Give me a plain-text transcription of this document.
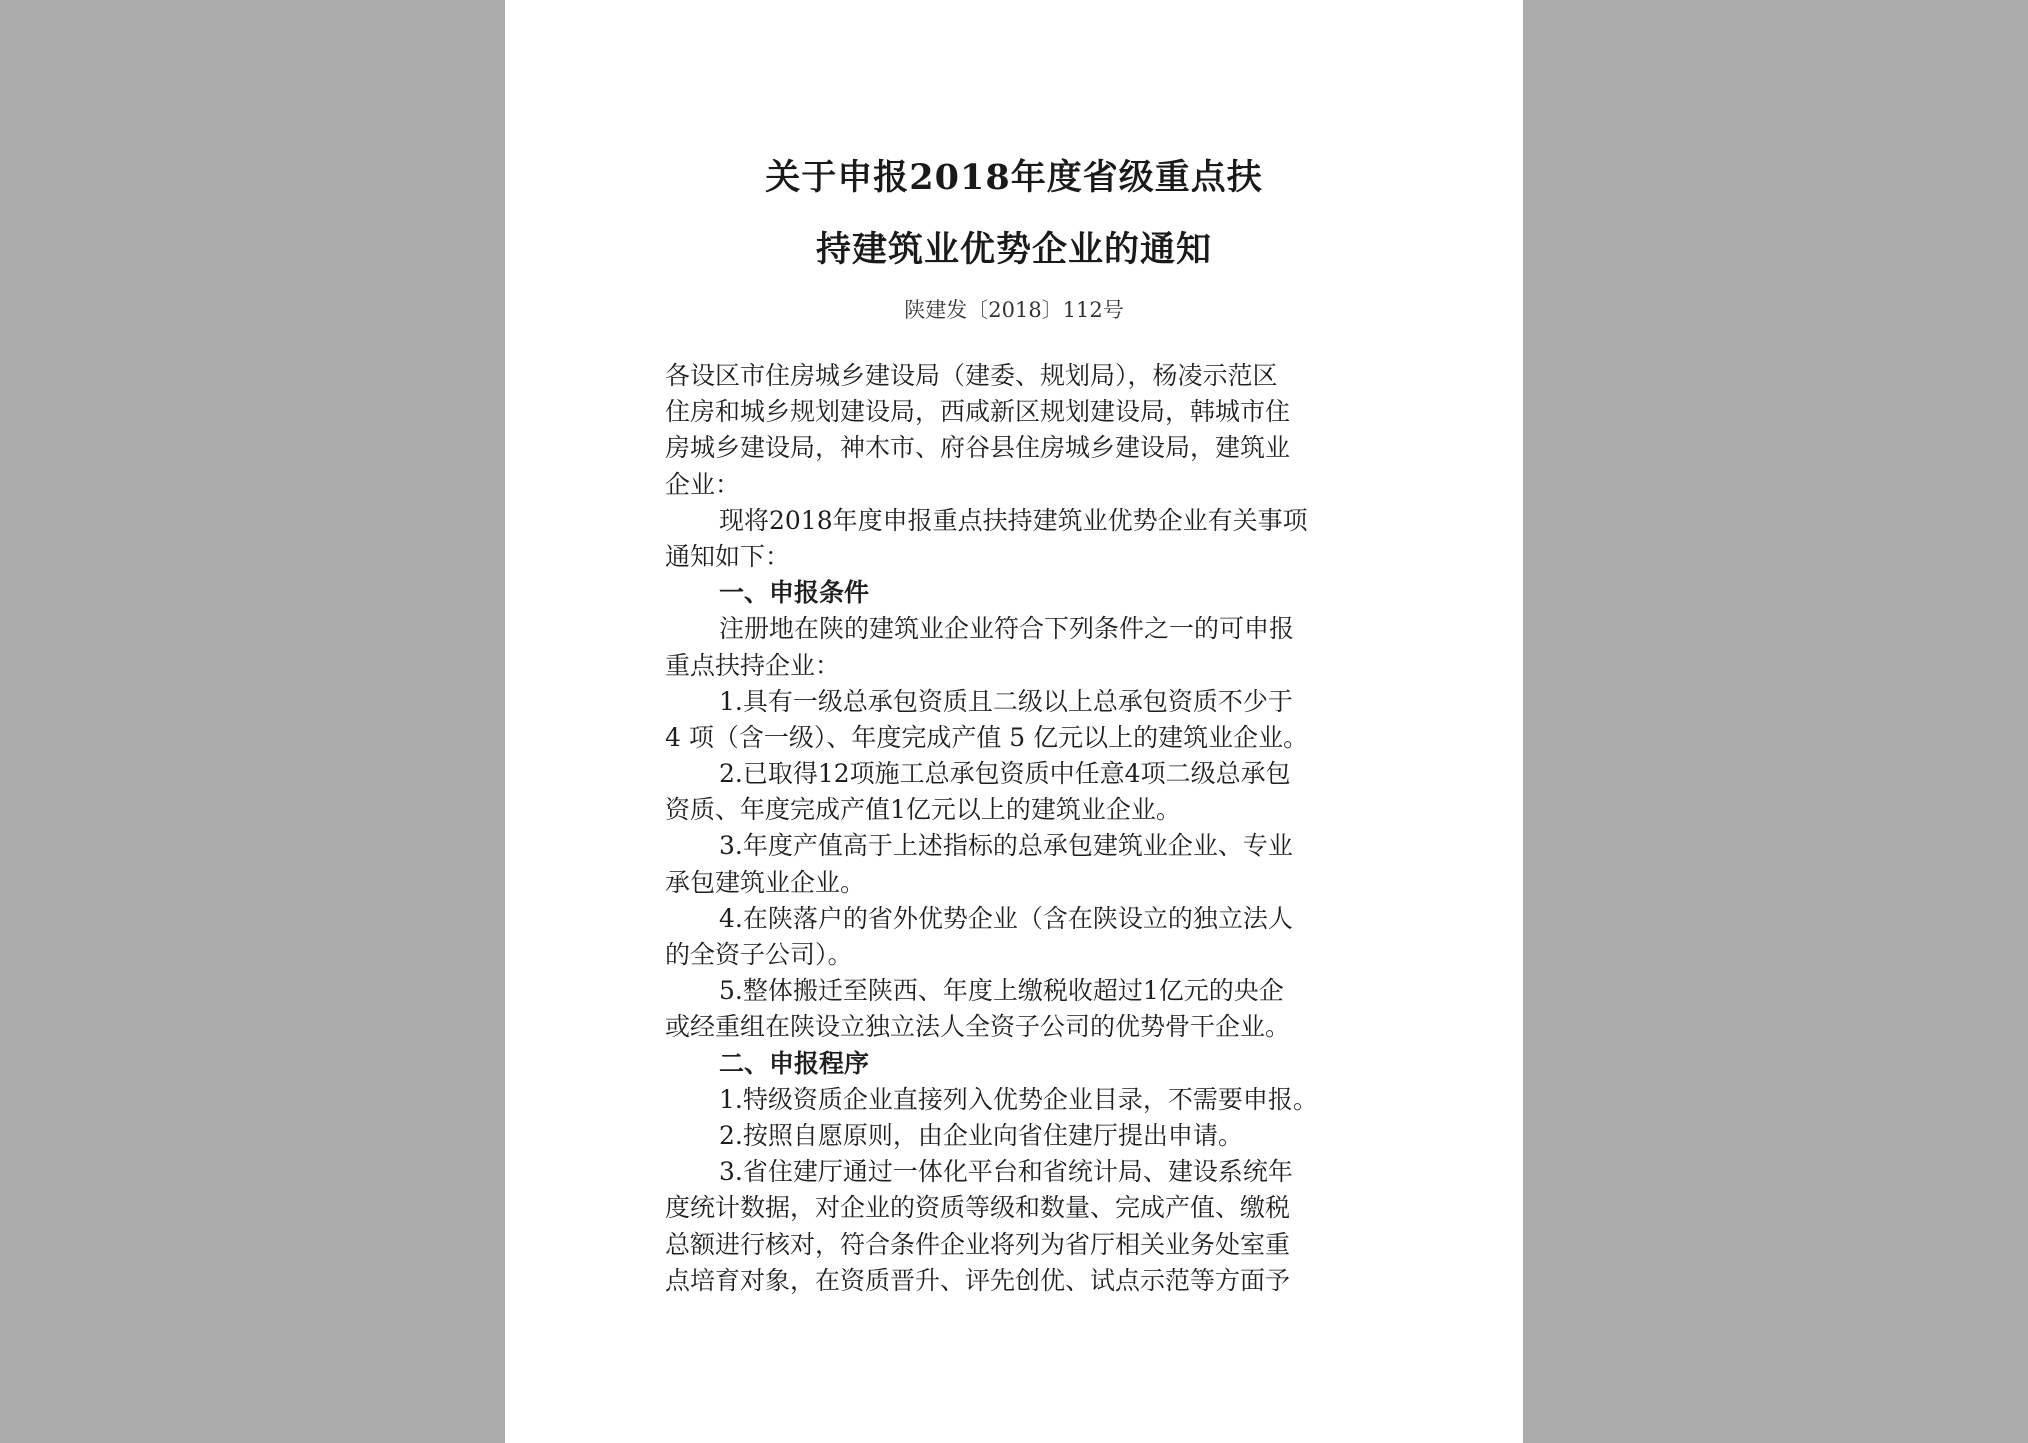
关于申报2018年度省级重点扶
持建筑业优势企业的通知
陕建发〔2018〕112号
各设区市住房城乡建设局（建委、规划局），杨凌示范区
住房和城乡规划建设局，西咸新区规划建设局，韩城市住
房城乡建设局，神木市、府谷县住房城乡建设局，建筑业
企业：
现将2018年度申报重点扶持建筑业优势企业有关事项
通知如下：
一、申报条件
注册地在陕的建筑业企业符合下列条件之一的可申报
重点扶持企业：
1.具有一级总承包资质且二级以上总承包资质不少于
4 项（含一级）、年度完成产值 5 亿元以上的建筑业企业。
2.已取得12项施工总承包资质中任意4项二级总承包
资质、年度完成产值1亿元以上的建筑业企业。
3.年度产值高于上述指标的总承包建筑业企业、专业
承包建筑业企业。
4.在陕落户的省外优势企业（含在陕设立的独立法人
的全资子公司）。
5.整体搬迁至陕西、年度上缴税收超过1亿元的央企
或经重组在陕设立独立法人全资子公司的优势骨干企业。
二、申报程序
1.特级资质企业直接列入优势企业目录，不需要申报。
2.按照自愿原则，由企业向省住建厅提出申请。
3.省住建厅通过一体化平台和省统计局、建设系统年
度统计数据，对企业的资质等级和数量、完成产值、缴税
总额进行核对，符合条件企业将列为省厅相关业务处室重
点培育对象，在资质晋升、评先创优、试点示范等方面予
